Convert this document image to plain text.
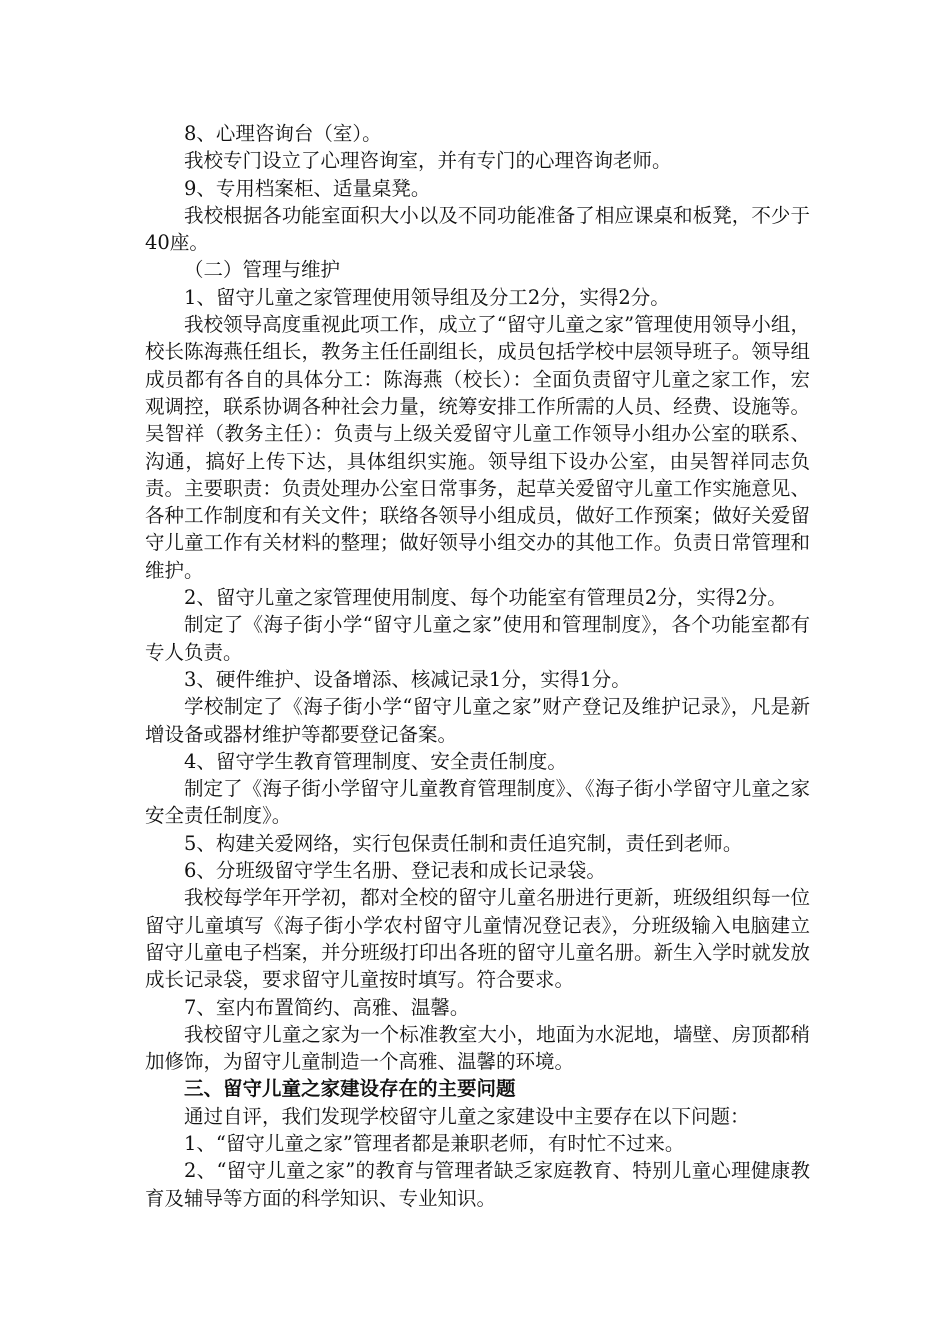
8、心理咨询台（室）。

我校专门设立了心理咨询室，并有专门的心理咨询老师。

9、专用档案柜、适量桌凳。

我校根据各功能室面积大小以及不同功能准备了相应课桌和板凳，不少于40座。

（二）管理与维护

1、留守儿童之家管理使用领导组及分工2分，实得2分。

我校领导高度重视此项工作，成立了“留守儿童之家”管理使用领导小组，校长陈海燕任组长，教务主任任副组长，成员包括学校中层领导班子。领导组成员都有各自的具体分工：陈海燕（校长）：全面负责留守儿童之家工作，宏观调控，联系协调各种社会力量，统筹安排工作所需的人员、经费、设施等。吴智祥（教务主任）：负责与上级关爱留守儿童工作领导小组办公室的联系、沟通，搞好上传下达，具体组织实施。领导组下设办公室，由吴智祥同志负责。主要职责：负责处理办公室日常事务，起草关爱留守儿童工作实施意见、各种工作制度和有关文件；联络各领导小组成员，做好工作预案；做好关爱留守儿童工作有关材料的整理；做好领导小组交办的其他工作。负责日常管理和维护。

2、留守儿童之家管理使用制度、每个功能室有管理员2分，实得2分。

制定了《海子街小学“留守儿童之家”使用和管理制度》，各个功能室都有专人负责。

3、硬件维护、设备增添、核减记录1分，实得1分。

学校制定了《海子街小学“留守儿童之家”财产登记及维护记录》，凡是新增设备或器材维护等都要登记备案。

4、留守学生教育管理制度、安全责任制度。

制定了《海子街小学留守儿童教育管理制度》、《海子街小学留守儿童之家安全责任制度》。

5、构建关爱网络，实行包保责任制和责任追究制，责任到老师。

6、分班级留守学生名册、登记表和成长记录袋。

我校每学年开学初，都对全校的留守儿童名册进行更新，班级组织每一位留守儿童填写《海子街小学农村留守儿童情况登记表》，分班级输入电脑建立留守儿童电子档案，并分班级打印出各班的留守儿童名册。新生入学时就发放成长记录袋，要求留守儿童按时填写。符合要求。

7、室内布置简约、高雅、温馨。

我校留守儿童之家为一个标准教室大小，地面为水泥地，墙壁、房顶都稍加修饰，为留守儿童制造一个高雅、温馨的环境。

三、留守儿童之家建设存在的主要问题

通过自评，我们发现学校留守儿童之家建设中主要存在以下问题：

1、“留守儿童之家”管理者都是兼职老师，有时忙不过来。

2、“留守儿童之家”的教育与管理者缺乏家庭教育、特别儿童心理健康教育及辅导等方面的科学知识、专业知识。
